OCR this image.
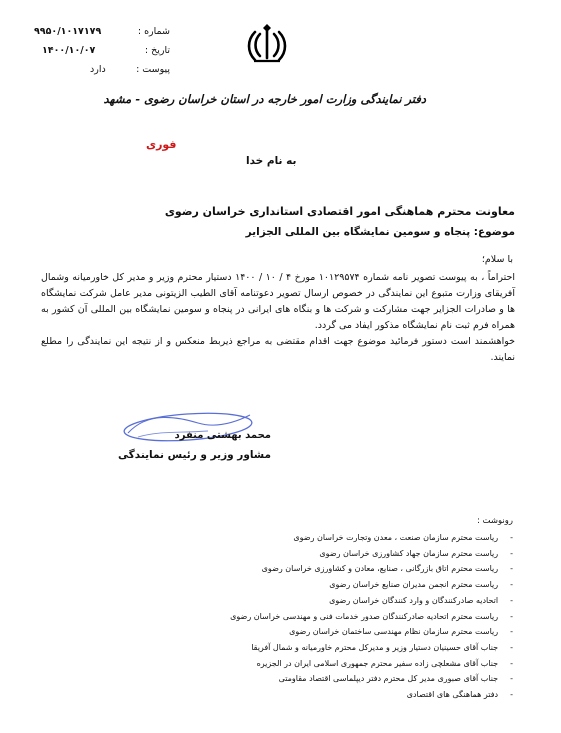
شماره :
۹۹۵۰/۱۰۱۷۱۷۹
تاریخ :
۱۴۰۰/۱۰/۰۷
پیوست :
دارد
دفتر نمایندگی وزارت امور خارجه در استان خراسان رضوی - مشهد
فوری
به نام خدا
معاونت محترم هماهنگی امور اقتصادی استانداری خراسان رضوی
موضوع: پنجاه و سومین نمایشگاه بین المللی الجزایر
با سلام؛

احتراماً ، به پیوست تصویر نامه شماره ۱۰۱۲۹۵۷۴ مورخ ۴ / ۱۰ / ۱۴۰۰ دستیار محترم وزیر و مدیر کل خاورمیانه وشمال آفریقای وزارت متبوع این نمایندگی در خصوص ارسال تصویر دعوتنامه آقای الطیب الزیتونی مدیر عامل شرکت نمایشگاه ها و صادرات الجزایر جهت مشارکت و شرکت ها و بنگاه های ایرانی در پنجاه و سومین نمایشگاه بین المللی آن کشور به همراه فرم ثبت نام نمایشگاه مذکور ایفاد می گردد.

خواهشمند است دستور فرمائید موضوع جهت اقدام مقتضی به مراجع ذیربط منعکس و از نتیجه این نمایندگی را مطلع نمایند.

محمد بهشتی منفرد
مشاور وزیر و رئیس نمایندگی
رونوشت :
-ریاست محترم سازمان صنعت ، معدن وتجارت خراسان رضوی
-ریاست محترم سازمان جهاد کشاورزی خراسان رضوی
-ریاست محترم اتاق بازرگانی ، صنایع، معادن و کشاورزی خراسان رضوی
-ریاست محترم انجمن مدیران صنایع خراسان رضوی
-اتحادیه صادرکنندگان و وارد کنندگان خراسان رضوی
-ریاست محترم اتحادیه صادرکنندگان صدور خدمات فنی و مهندسی خراسان رضوی
-ریاست محترم سازمان نظام مهندسی ساختمان خراسان رضوی
-جناب آقای حسینیان دستیار وزیر و مدیرکل محترم خاورمیانه و شمال آفریقا
-جناب آقای مشعلچی زاده سفیر محترم جمهوری اسلامی ایران در الجزیره
-جناب آقای صبوری مدیر کل محترم دفتر دیپلماسی اقتصاد مقاومتی
-دفتر هماهنگی های اقتصادی
